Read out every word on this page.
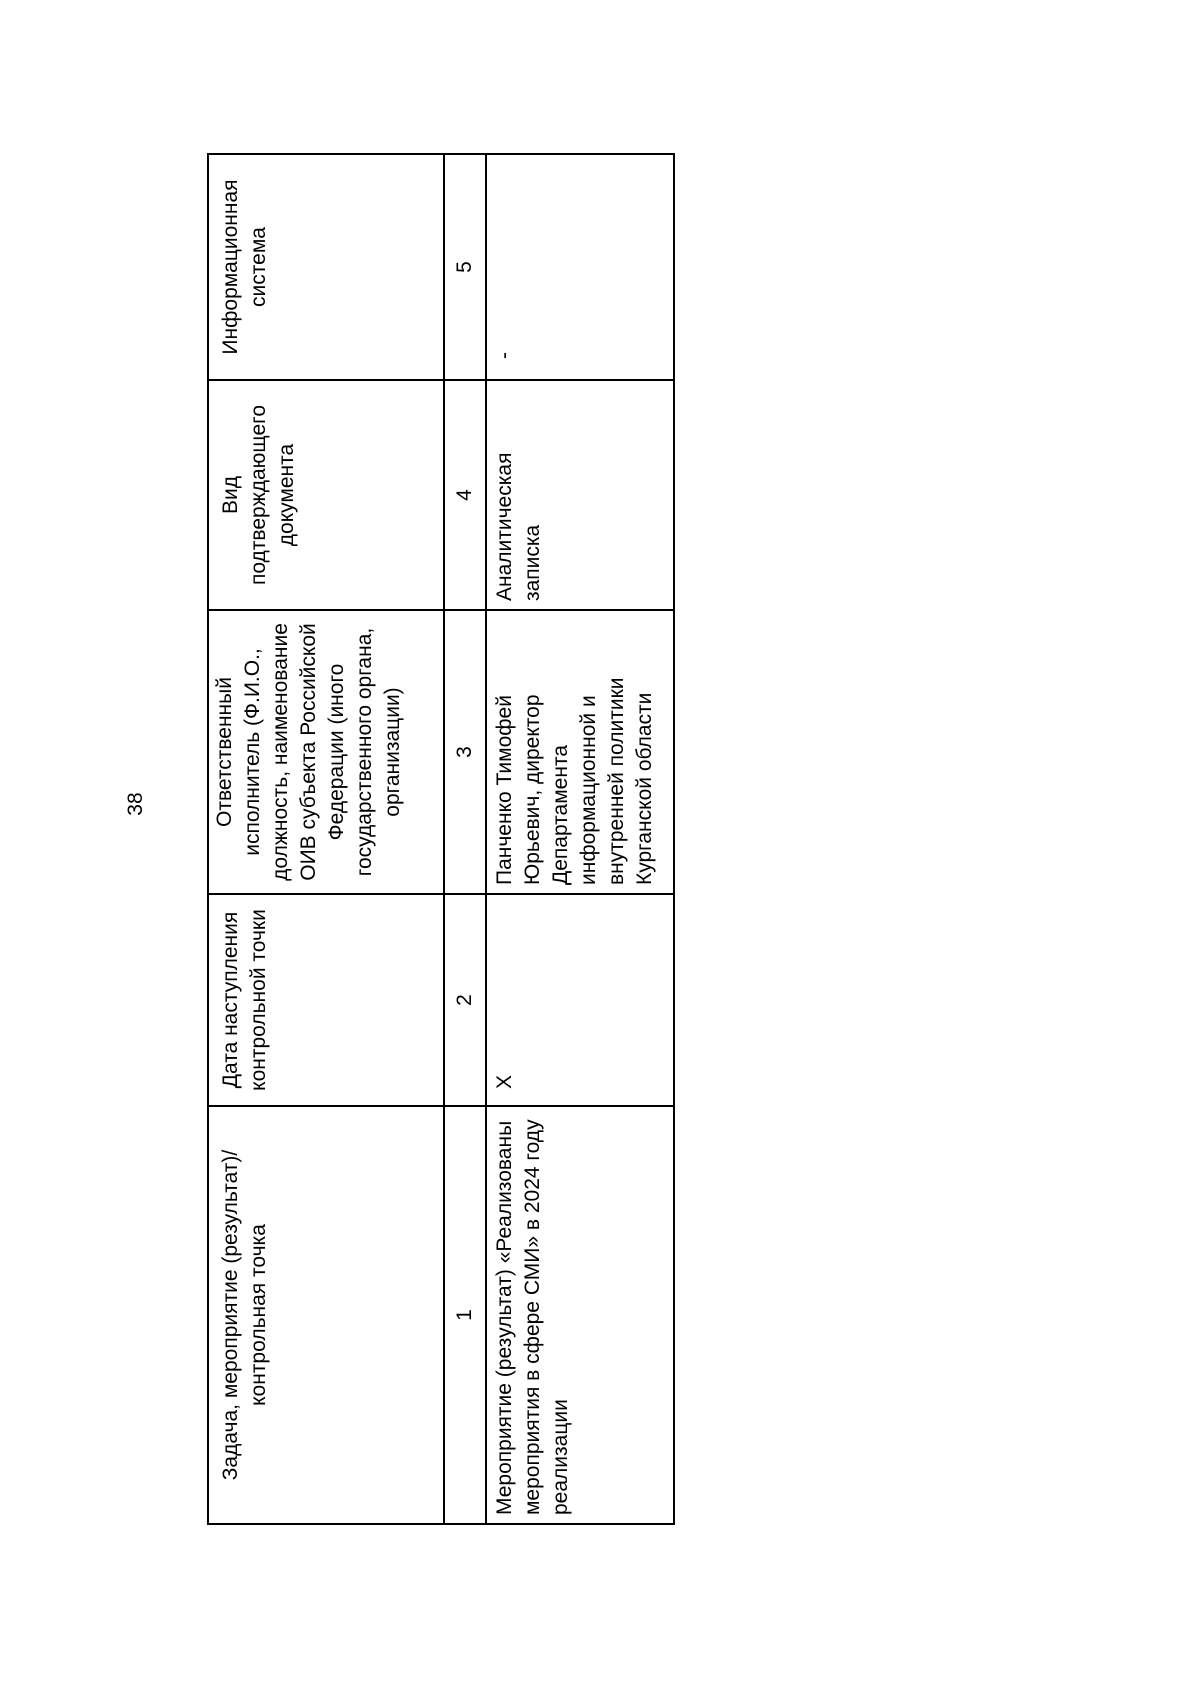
38
Задача, мероприятие (результат)/ контрольная точка	Дата наступления контрольной точки	Ответственный исполнитель (Ф.И.О., должность, наименование ОИВ субъекта Российской Федерации (иного государственного органа, организации)	Вид подтверждающего документа	Информационная система
1	2	3	4	5
Мероприятие (результат) «Реализованы мероприятия в сфере СМИ» в 2024 году реализации	X	Панченко Тимофей Юрьевич, директор Департамента информационной и внутренней политики Курганской области	Аналитическая записка	-
